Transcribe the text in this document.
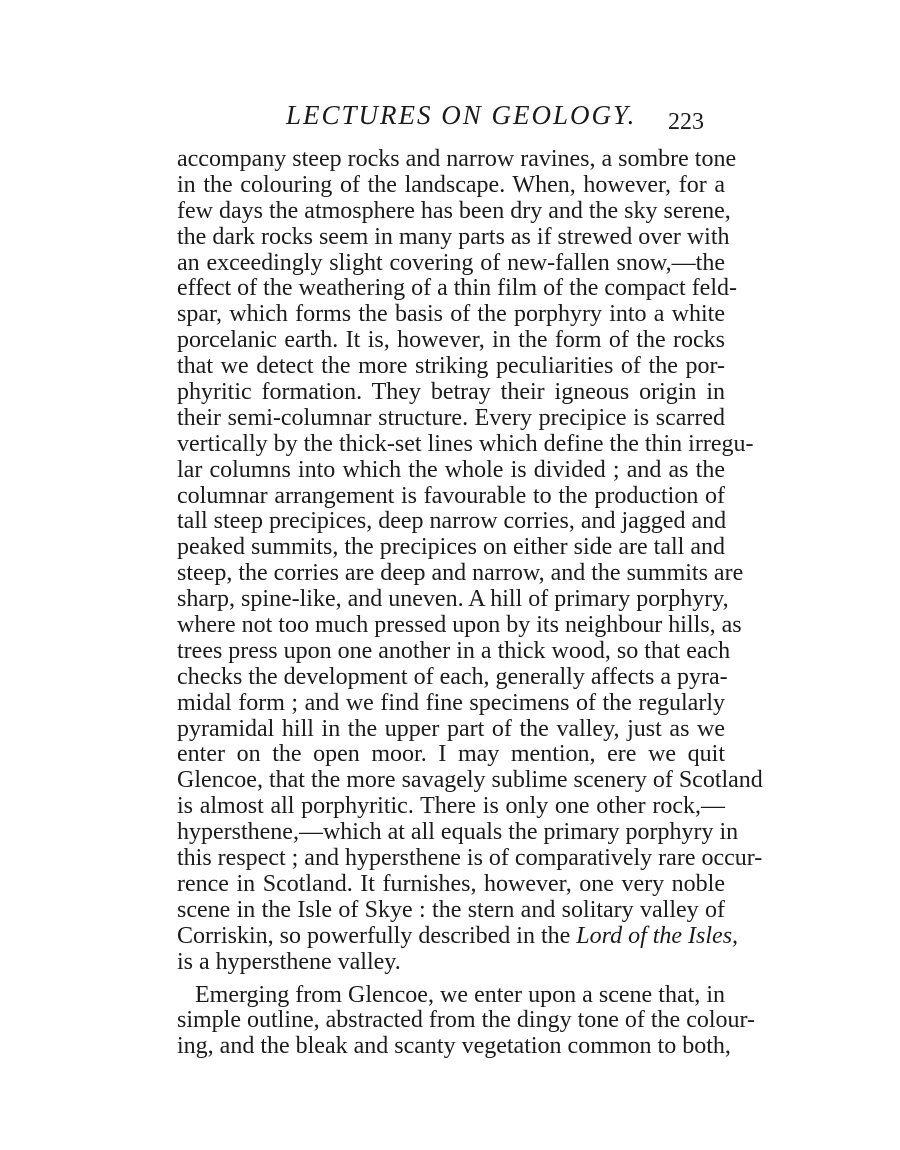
LECTURES ON GEOLOGY. 223
accompany steep rocks and narrow ravines, a sombre tone
in the colouring of the landscape. When, however, for a
few days the atmosphere has been dry and the sky serene,
the dark rocks seem in many parts as if strewed over with
an exceedingly slight covering of new-fallen snow,—the
effect of the weathering of a thin film of the compact feld-
spar, which forms the basis of the porphyry into a white
porcelanic earth. It is, however, in the form of the rocks
that we detect the more striking peculiarities of the por-
phyritic formation. They betray their igneous origin in
their semi-columnar structure. Every precipice is scarred
vertically by the thick-set lines which define the thin irregu-
lar columns into which the whole is divided ; and as the
columnar arrangement is favourable to the production of
tall steep precipices, deep narrow corries, and jagged and
peaked summits, the precipices on either side are tall and
steep, the corries are deep and narrow, and the summits are
sharp, spine-like, and uneven. A hill of primary porphyry,
where not too much pressed upon by its neighbour hills, as
trees press upon one another in a thick wood, so that each
checks the development of each, generally affects a pyra-
midal form ; and we find fine specimens of the regularly
pyramidal hill in the upper part of the valley, just as we
enter on the open moor. I may mention, ere we quit
Glencoe, that the more savagely sublime scenery of Scotland
is almost all porphyritic. There is only one other rock,—
hypersthene,—which at all equals the primary porphyry in
this respect ; and hypersthene is of comparatively rare occur-
rence in Scotland. It furnishes, however, one very noble
scene in the Isle of Skye : the stern and solitary valley of
Corriskin, so powerfully described in the Lord of the Isles,
is a hypersthene valley.
Emerging from Glencoe, we enter upon a scene that, in
simple outline, abstracted from the dingy tone of the colour-
ing, and the bleak and scanty vegetation common to both,
